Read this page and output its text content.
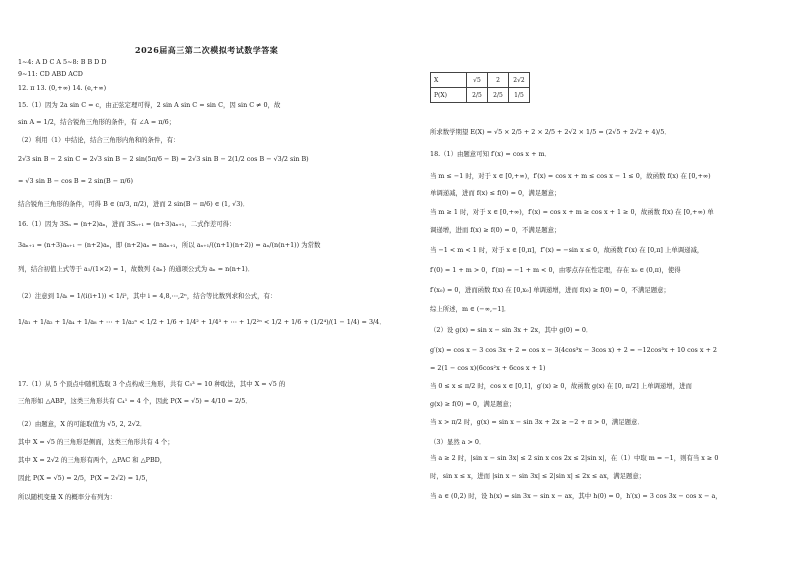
2026届高三第二次模拟考试数学答案
1~4: A D C A 5~8: B B D D
9~11: CD ABD ACD
12. π 13. (0,+∞) 14. (e,+∞)
15.（1）因为 2a sin C = c，由正弦定理可得，2 sin A sin C = sin C，因 sin C ≠ 0，故
sin A = 1/2，结合锐角三角形的条件，有 ∠A = π/6；
（2）利用（1）中结论，结合三角形内角和的条件，有：
2√3 sin B − 2 sin C = 2√3 sin B − 2 sin(5π/6 − B) = 2√3 sin B − 2(1/2 cos B − √3/2 sin B)
= √3 sin B − cos B = 2 sin(B − π/6)
结合锐角三角形的条件，可得 B ∈ (π/3, π/2)，进而 2 sin(B − π/6) ∈ (1, √3)．
16.（1）因为 3Sₙ = (n+2)aₙ，进而 3Sₙ₊₁ = (n+3)aₙ₊₁，二式作差可得：
3aₙ₊₁ = (n+3)aₙ₊₁ − (n+2)aₙ，即 (n+2)aₙ = naₙ₊₁，所以 aₙ₊₁/((n+1)(n+2)) = aₙ/(n(n+1)) 为常数
列，结合初值上式等于 a₁/(1×2) = 1，故数列 {aₙ} 的通项公式为 aₙ = n(n+1)．
（2）注意到 1/aᵢ = 1/(i(i+1)) < 1/i²，其中 i = 4,8,⋯,2ⁿ，结合等比数列求和公式，有：
1/a₁ + 1/a₂ + 1/a₄ + 1/a₈ + ⋯ + 1/a₂ⁿ < 1/2 + 1/6 + 1/4² + 1/4³ + ⋯ + 1/2²ⁿ < 1/2 + 1/6 + (1/2⁴)/(1 − 1/4) = 3/4．
17.（1）从 5 个顶点中随机选取 3 个点构成三角形，共有 C₅³ = 10 种取法，其中 X = √5 的
三角形如 △ABP，这类三角形共有 C₄¹ = 4 个，因此 P(X = √5) = 4/10 = 2/5．
（2）由题意，X 的可能取值为 √5, 2, 2√2．
其中 X = √5 的三角形是侧面，这类三角形共有 4 个；
其中 X = 2√2 的三角形有两个，△PAC 和 △PBD，
因此 P(X = √5) = 2/5，P(X = 2√2) = 1/5，
所以随机变量 X 的概率分布列为：
X	√5	2	2√2
P(X)	2/5	2/5	1/5
所求数学期望 E(X) = √5 × 2/5 + 2 × 2/5 + 2√2 × 1/5 = (2√5 + 2√2 + 4)/5．
18.（1）由题意可知 f′(x) = cos x + m．
当 m ≤ −1 时，对于 x ∈ [0,+∞)，f′(x) = cos x + m ≤ cos x − 1 ≤ 0，故函数 f(x) 在 [0,+∞)
单调递减，进而 f(x) ≤ f(0) = 0，满足题意；
当 m ≥ 1 时，对于 x ∈ [0,+∞)，f′(x) = cos x + m ≥ cos x + 1 ≥ 0，故函数 f(x) 在 [0,+∞) 单
调递增，进而 f(x) ≥ f(0) = 0，不满足题意；
当 −1 < m < 1 时，对于 x ∈ [0,π]，f″(x) = −sin x ≤ 0，故函数 f′(x) 在 [0,π] 上单调递减，
f′(0) = 1 + m > 0，f′(π) = −1 + m < 0，由零点存在性定理，存在 x₀ ∈ (0,π)，使得
f′(x₀) = 0，进而函数 f(x) 在 [0,x₀] 单调递增，进而 f(x) ≥ f(0) = 0，不满足题意；
综上所述，m ∈ (−∞,−1]．
（2）设 g(x) = sin x − sin 3x + 2x，其中 g(0) = 0．
g′(x) = cos x − 3 cos 3x + 2 = cos x − 3(4cos³x − 3cos x) + 2 = −12cos³x + 10 cos x + 2
= 2(1 − cos x)(6cos²x + 6cos x + 1)
当 0 ≤ x ≤ π/2 时，cos x ∈ [0,1]，g′(x) ≥ 0，故函数 g(x) 在 [0, π/2] 上单调递增，进而
g(x) ≥ f(0) = 0，满足题意；
当 x > π/2 时，g(x) = sin x − sin 3x + 2x ≥ −2 + π > 0，满足题意．
（3）显然 a > 0．
当 a ≥ 2 时，|sin x − sin 3x| ≤ 2 sin x cos 2x ≤ 2|sin x|，在（1）中取 m = −1，则有当 x ≥ 0
时，sin x ≤ x，进而 |sin x − sin 3x| ≤ 2|sin x| ≤ 2x ≤ ax，满足题意；
当 a ∈ (0,2) 时，设 h(x) = sin 3x − sin x − ax，其中 h(0) = 0，h′(x) = 3 cos 3x − cos x − a，
